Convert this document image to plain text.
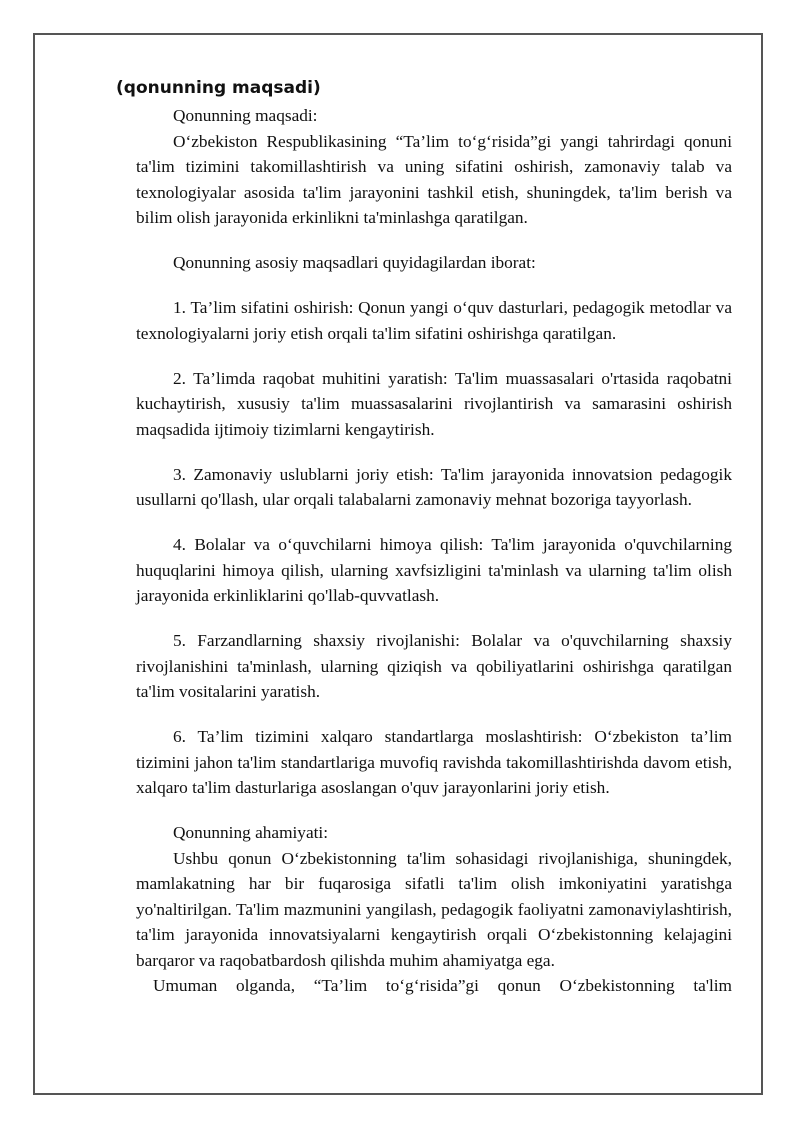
(qonunning maqsadi)

Qonunning maqsadi:

O‘zbekiston Respublikasining “Ta’lim to‘g‘risida”gi yangi tahrirdagi qonuni ta'lim tizimini takomillashtirish va uning sifatini oshirish, zamonaviy talab va texnologiyalar asosida ta'lim jarayonini tashkil etish, shuningdek, ta'lim berish va bilim olish jarayonida erkinlikni ta'minlashga qaratilgan.

Qonunning asosiy maqsadlari quyidagilardan iborat:

1. Ta’lim sifatini oshirish: Qonun yangi o‘quv dasturlari, pedagogik metodlar va texnologiyalarni joriy etish orqali ta'lim sifatini oshirishga qaratilgan.

2. Ta’limda raqobat muhitini yaratish: Ta'lim muassasalari o'rtasida raqobatni kuchaytirish, xususiy ta'lim muassasalarini rivojlantirish va samarasini oshirish maqsadida ijtimoiy tizimlarni kengaytirish.

3. Zamonaviy uslublarni joriy etish: Ta'lim jarayonida innovatsion pedagogik usullarni qo'llash, ular orqali talabalarni zamonaviy mehnat bozoriga tayyorlash.

4. Bolalar va o‘quvchilarni himoya qilish: Ta'lim jarayonida o'quvchilarning huquqlarini himoya qilish, ularning xavfsizligini ta'minlash va ularning ta'lim olish jarayonida erkinliklarini qo'llab-quvvatlash.

5. Farzandlarning shaxsiy rivojlanishi: Bolalar va o'quvchilarning shaxsiy rivojlanishini ta'minlash, ularning qiziqish va qobiliyatlarini oshirishga qaratilgan ta'lim vositalarini yaratish.

6. Ta’lim tizimini xalqaro standartlarga moslashtirish: O‘zbekiston ta’lim tizimini jahon ta'lim standartlariga muvofiq ravishda takomillashtirishda davom etish, xalqaro ta'lim dasturlariga asoslangan o'quv jarayonlarini joriy etish.

Qonunning ahamiyati:

Ushbu qonun O‘zbekistonning ta'lim sohasidagi rivojlanishiga, shuningdek, mamlakatning har bir fuqarosiga sifatli ta'lim olish imkoniyatini yaratishga yo'naltirilgan. Ta'lim mazmunini yangilash, pedagogik faoliyatni zamonaviylashtirish, ta'lim jarayonida innovatsiyalarni kengaytirish orqali O‘zbekistonning kelajagini barqaror va raqobatbardosh qilishda muhim ahamiyatga ega.

Umuman olganda, “Ta’lim to‘g‘risida”gi qonun O‘zbekistonning ta'lim
